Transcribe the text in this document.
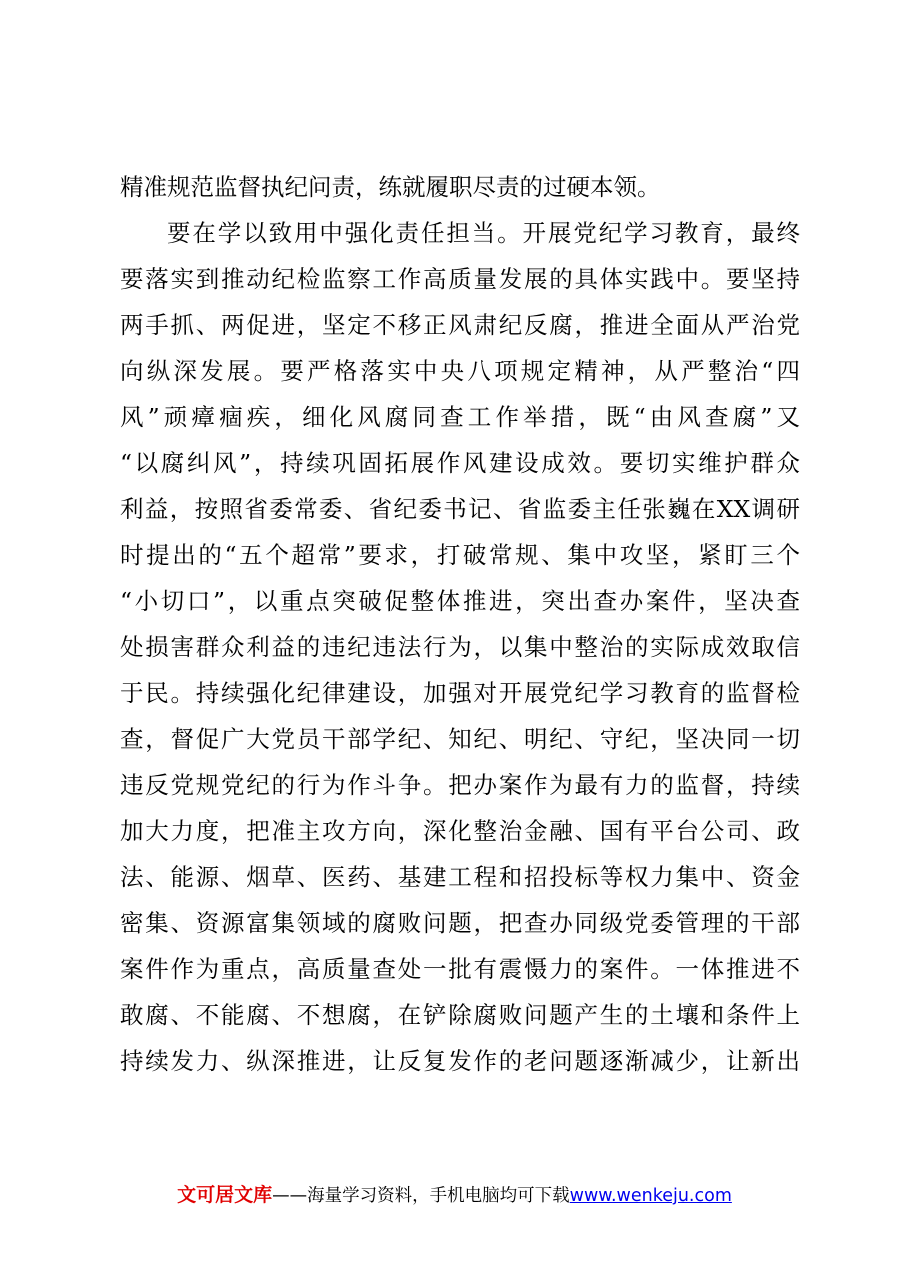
精准规范监督执纪问责，练就履职尽责的过硬本领。
要在学以致用中强化责任担当。开展党纪学习教育，最终
要落实到推动纪检监察工作高质量发展的具体实践中。要坚持
两手抓、两促进，坚定不移正风肃纪反腐，推进全面从严治党
向纵深发展。要严格落实中央八项规定精神，从严整治“四
风”顽瘴痼疾，细化风腐同查工作举措，既“由风查腐”又
“以腐纠风”，持续巩固拓展作风建设成效。要切实维护群众
利益，按照省委常委、省纪委书记、省监委主任张巍在XX调研
时提出的“五个超常”要求，打破常规、集中攻坚，紧盯三个
“小切口”，以重点突破促整体推进，突出查办案件，坚决查
处损害群众利益的违纪违法行为，以集中整治的实际成效取信
于民。持续强化纪律建设，加强对开展党纪学习教育的监督检
查，督促广大党员干部学纪、知纪、明纪、守纪，坚决同一切
违反党规党纪的行为作斗争。把办案作为最有力的监督，持续
加大力度，把准主攻方向，深化整治金融、国有平台公司、政
法、能源、烟草、医药、基建工程和招投标等权力集中、资金
密集、资源富集领域的腐败问题，把查办同级党委管理的干部
案件作为重点，高质量查处一批有震慑力的案件。一体推进不
敢腐、不能腐、不想腐，在铲除腐败问题产生的土壤和条件上
持续发力、纵深推进，让反复发作的老问题逐渐减少，让新出
文可居文库——海量学习资料，手机电脑均可下载www.wenkeju.com
